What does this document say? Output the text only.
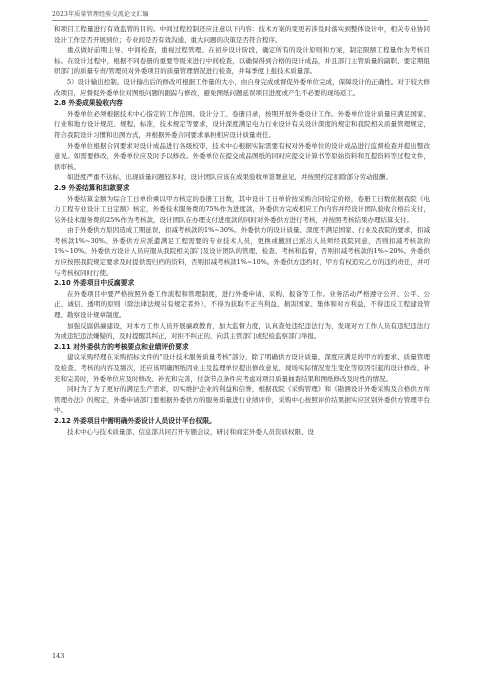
2023年质量管理经验交流论文汇编

和项目工程量进行有效监管的目的。中间过程控制还应注意以下内容：技术方案的变更若涉及时落实到整体设计中，相关专业协同设计工作是否开展到位；专业间是否有效沟通、重大问题的决策是否符合程序。

重点做好前期主导、中间检查，重视过程管理。在初步设计阶段，确定所有的设计原则和方案，制定限额工程量作为考核目标。在设计过程中，根据不同卷册的重要等级来进行中间检查，以确保得到合格的设计成品，并且部门主管质量的副职、要定期组织部门的质量专责/管理员对外委项目的质量管理情况进行检查，并每季度上报技术质量部。

5）设计输出控制。设计输出后的修改可根据工作量的大小，由自身完成或督促外委单位完成，保障设计的正确性。对于较大修改项目，应督促外委单位对图纸问题的跟踪与修改，避免图纸问题延误项目进度或产生不必要的现场返工。

2.8 外委成果验收内容

外委单位必须根据技术中心指定的工作范围、设计分工、卷册目录，按期开展外委设计工作。外委单位设计质量应满足国家、行业和地方设计规范、规程、标准，技术规定等要求，设计深度满足电力行业设计有关设计深度的规定和我院相关质量管理规定，符合我院设计习惯和出图方式，并根据外委合同要求承担相应设计质量责任。

外委单位根据合同要求对设计成品进行各级校审，技术中心根据实际需要有权对外委单位的设计成品进行监督检查并提出整改意见。如需要修改，外委单位应及时予以修改。外委单位在提交成品图纸的同时应提交计算书等原始资料和互提资料等过程文件，供审核。

如进度严重不达标，出现质量问题较多时，设计团队应该在成果验收单签署意见，并按照约定扣除部分劳动报酬。

2.9 外委结算和扣款要求

外委结算金额为综合工日单价乘以甲方核定的卷册工日数，其中设计工日单价按采购合同给定价格，卷册工日数依据我院《电力工程专业设计工日定额》核定，外委技术服务费的75%作为进度款，外委供方完成相应工作内容并经设计团队验收合格后支付，另外技术服务费的25%作为考核款，设计团队在办理支付进度款的同时对外委供方进行考核，并按照考核结果办理结算支付。

由于外委供方原因造成工期延误，扣减考核款的1%~30%。外委供方的设计质量、深度不满足国家、行业及我院的要求，扣减考核款1%~30%。外委供方应派遣满足工程需要的专业技术人员，更换或撤回已派出人员须经我院同意，否则扣减考核款的1%~10%。外委供方设计人员应服从我院相关部门及设计团队的管理、检查、考核和监督，否则扣减考核款的1%~20%。外委供方应按照我院规定要求及时提供需归档的资料，否则扣减考核款1%~10%。外委供方违约时，甲方有权追究乙方的违约责任，并可与考核权同时行使。

2.10 外委项目中反腐要求

在外委项目中要严格按照外委工作流程和管理制度，进行外委申请、采购、报备等工作。业务活动严格遵守公开、公平、公正、诚信、透明的原则（除法律法规另有规定者外），不得为获取不正当利益，损害国家、集体和对方利益，不得违反工程建设管理、勘察设计规章制度。

加强反腐倡廉建设，对本方工作人员开展廉政教育，加大监督力度，认真查处违纪违法行为，发现对方工作人员有违纪违法行为或违纪违法嫌疑的，及时提醒其纠正，对拒不纠正的，向其主管部门或纪检监察部门举报。

2.11 对外委供方的考核要点和业绩评价要求

建议采购经理在采购招标文件的"设计技术服务质量考核"部分，除了明确供方设计质量、深度应满足的甲方的要求、质量管理及检查、考核的内容及频次，还应该明确图纸因业主及监理单位提出修改意见、现场实际情况发生变化等原因引起的设计修改、补充和完善时，外委单位应及时修改、补充和完善，付款节点条件应考虑对项目质量抽查结果和图纸修改及时性的情况。

同时为了为了更好的满足生产需求，切实维护企业的利益和信誉，根据我院《采购管理》和《勘测设计外委采购及合格供方库管理办法》的规定，外委申请部门要根据外委供方的服务质量进行业绩评价，采购中心按照评价结果据实应区别外委供方管理平台中。

2.12 外委项目中需明确外委设计人员设计平台权限。

技术中心与技术质量部、信息部共同召开专题会议，研讨和商定外委人员资质权限、设

143
